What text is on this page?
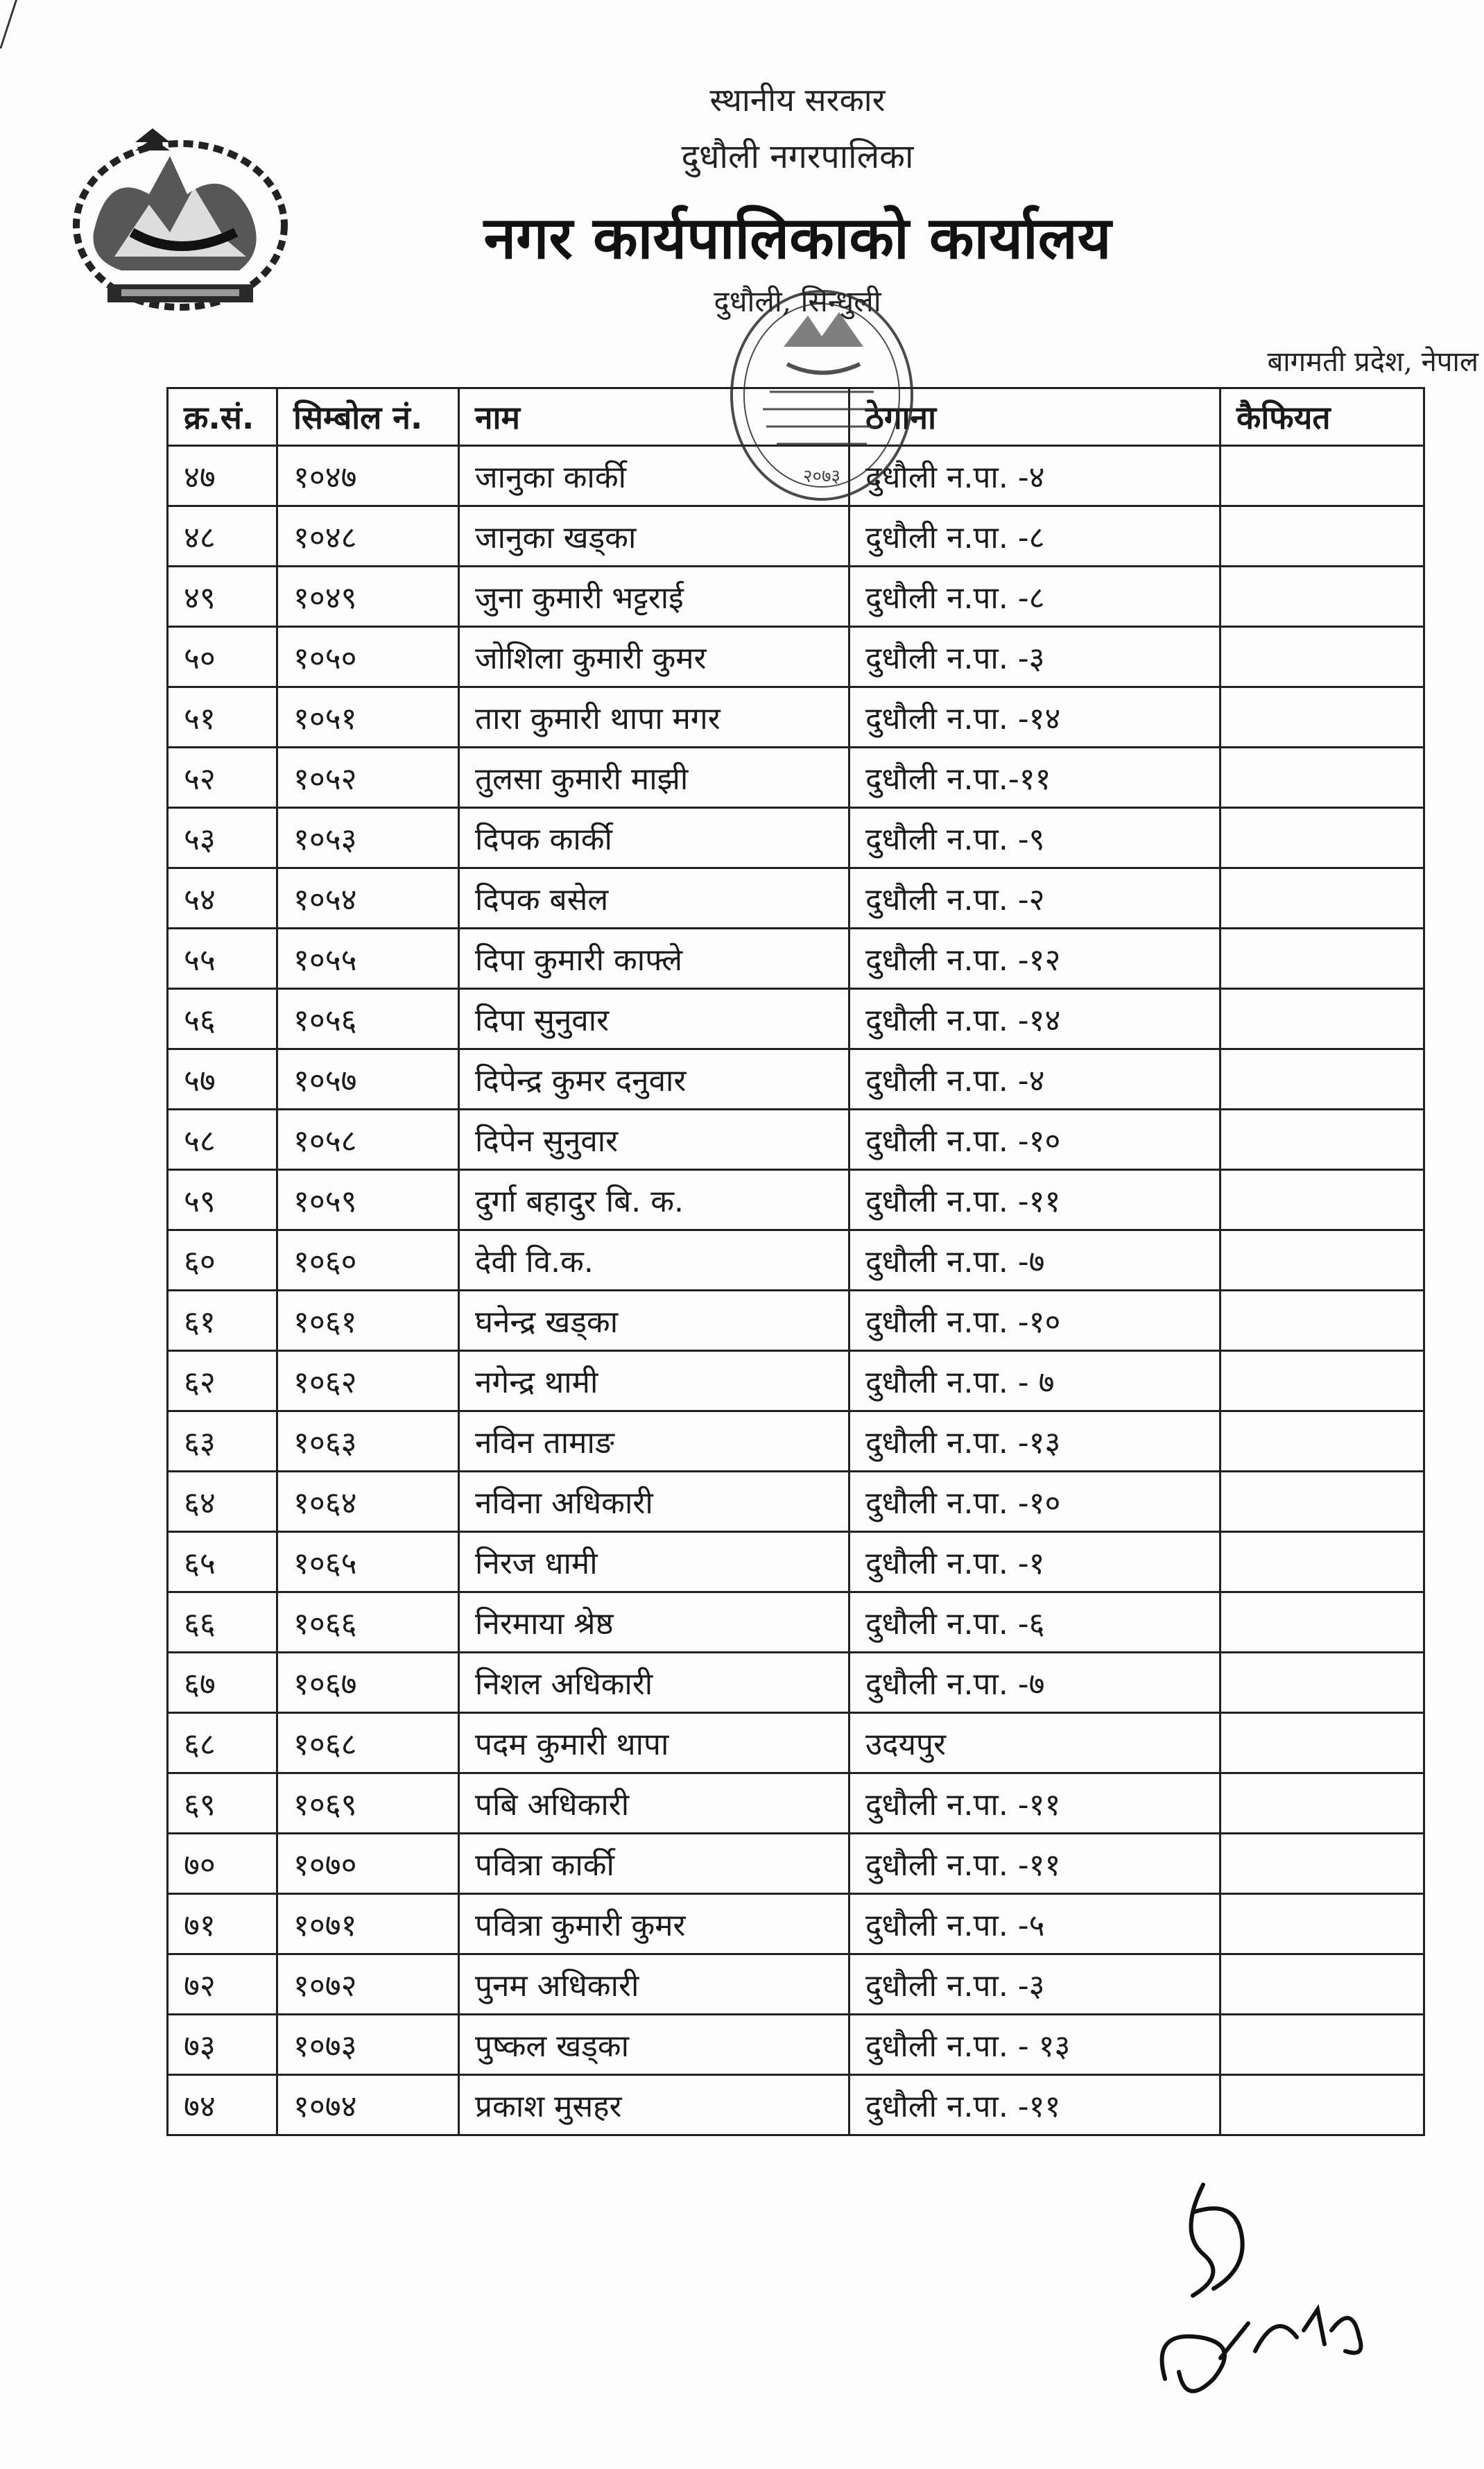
स्थानीय सरकार
दुधौली नगरपालिका
नगर कार्यपालिकाको कार्यालय
दुधौली, सिन्धुली
बागमती प्रदेश, नेपाल
क्र.सं.	सिम्बोल नं.	नाम	ठेगाना	कैफियत
४७	१०४७	जानुका कार्की	दुधौली न.पा. -४	
४८	१०४८	जानुका खड्का	दुधौली न.पा. -८	
४९	१०४९	जुना कुमारी भट्टराई	दुधौली न.पा. -८	
५०	१०५०	जोशिला कुमारी कुमर	दुधौली न.पा. -३	
५१	१०५१	तारा कुमारी थापा मगर	दुधौली न.पा. -१४	
५२	१०५२	तुलसा कुमारी माझी	दुधौली न.पा.-११	
५३	१०५३	दिपक कार्की	दुधौली न.पा. -९	
५४	१०५४	दिपक बसेल	दुधौली न.पा. -२	
५५	१०५५	दिपा कुमारी काफ्ले	दुधौली न.पा. -१२	
५६	१०५६	दिपा सुनुवार	दुधौली न.पा. -१४	
५७	१०५७	दिपेन्द्र कुमर दनुवार	दुधौली न.पा. -४	
५८	१०५८	दिपेन सुनुवार	दुधौली न.पा. -१०	
५९	१०५९	दुर्गा बहादुर बि. क.	दुधौली न.पा. -११	
६०	१०६०	देवी वि.क.	दुधौली न.पा. -७	
६१	१०६१	घनेन्द्र खड्का	दुधौली न.पा. -१०	
६२	१०६२	नगेन्द्र थामी	दुधौली न.पा. - ७	
६३	१०६३	नविन तामाङ	दुधौली न.पा. -१३	
६४	१०६४	नविना अधिकारी	दुधौली न.पा. -१०	
६५	१०६५	निरज धामी	दुधौली न.पा. -१	
६६	१०६६	निरमाया श्रेष्ठ	दुधौली न.पा. -६	
६७	१०६७	निशल अधिकारी	दुधौली न.पा. -७	
६८	१०६८	पदम कुमारी थापा	उदयपुर	
६९	१०६९	पबि अधिकारी	दुधौली न.पा. -११	
७०	१०७०	पवित्रा कार्की	दुधौली न.पा. -११	
७१	१०७१	पवित्रा कुमारी कुमर	दुधौली न.पा. -५	
७२	१०७२	पुनम अधिकारी	दुधौली न.पा. -३	
७३	१०७३	पुष्कल खड्का	दुधौली न.पा. - १३	
७४	१०७४	प्रकाश मुसहर	दुधौली न.पा. -११	
२०७३
